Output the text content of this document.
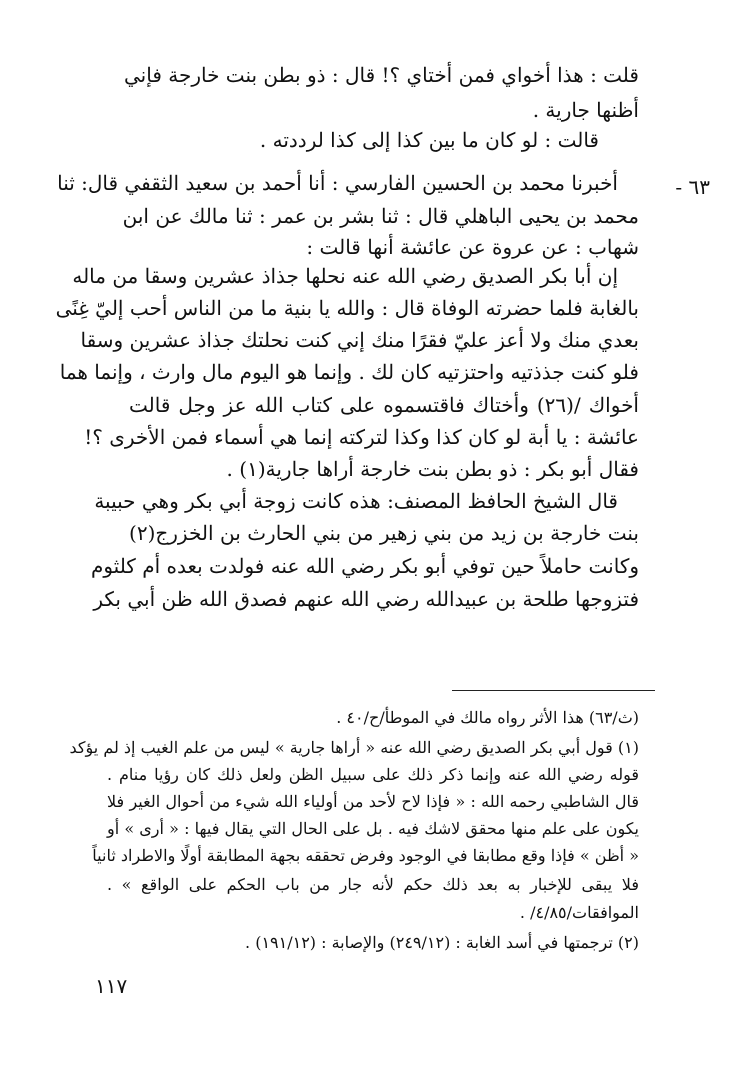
قلت : هذا أخواي فمن أختاي ؟! قال : ذو بطن بنت خارجة فإني
أظنها جارية .
قالت : لو كان ما بين كذا إلى كذا لرددته .
٦٣ -
أخبرنا محمد بن الحسين الفارسي : أنا أحمد بن سعيد الثقفي قال: ثنا
محمد بن يحيى الباهلي قال : ثنا بشر بن عمر : ثنا مالك عن ابن
شهاب : عن عروة عن عائشة أنها قالت :
إن أبا بكر الصديق رضي الله عنه نحلها جذاذ عشرين وسقا من ماله
بالغابة فلما حضرته الوفاة قال : والله يا بنية ما من الناس أحب إليّ غِنًى
بعدي منك ولا أعز عليّ فقرًا منك إني كنت نحلتك جذاذ عشرين وسقا
فلو كنت جذذتيه واحتزتيه كان لك . وإنما هو اليوم مال وارث ، وإنما هما
أخواك /(٢٦) وأختاك فاقتسموه على كتاب الله عز وجل قالت
عائشة : يا أبة لو كان كذا وكذا لتركته إنما هي أسماء فمن الأخرى ؟!
فقال أبو بكر : ذو بطن بنت خارجة أراها جارية(١) .
قال الشيخ الحافظ المصنف: هذه كانت زوجة أبي بكر وهي حبيبة
بنت خارجة بن زيد من بني زهير من بني الحارث بن الخزرج(٢)
وكانت حاملاً حين توفي أبو بكر رضي الله عنه فولدت بعده أم كلثوم
فتزوجها طلحة بن عبيدالله رضي الله عنهم فصدق الله ظن أبي بكر
(ث/٦٣) هذا الأثر رواه مالك في الموطأ/ح/٤٠ .
(١) قول أبي بكر الصديق رضي الله عنه « أراها جارية » ليس من علم الغيب إذ لم يؤكد
قوله رضي الله عنه وإنما ذكر ذلك على سبيل الظن ولعل ذلك كان رؤيا منام .
قال الشاطبي رحمه الله : « فإذا لاح لأحد من أولياء الله شيء من أحوال الغير فلا
يكون على علم منها محقق لاشك فيه . بل على الحال التي يقال فيها : « أرى » أو
« أظن » فإذا وقع مطابقا في الوجود وفرض تحققه بجهة المطابقة أولًا والاطراد ثانياً
فلا يبقى للإخبار به بعد ذلك حكم لأنه جار من باب الحكم على الواقع » .
الموافقات/٤/٨٥/ .
(٢) ترجمتها في أسد الغابة : (٢٤٩/١٢) والإصابة : (١٩١/١٢) .
١١٧
